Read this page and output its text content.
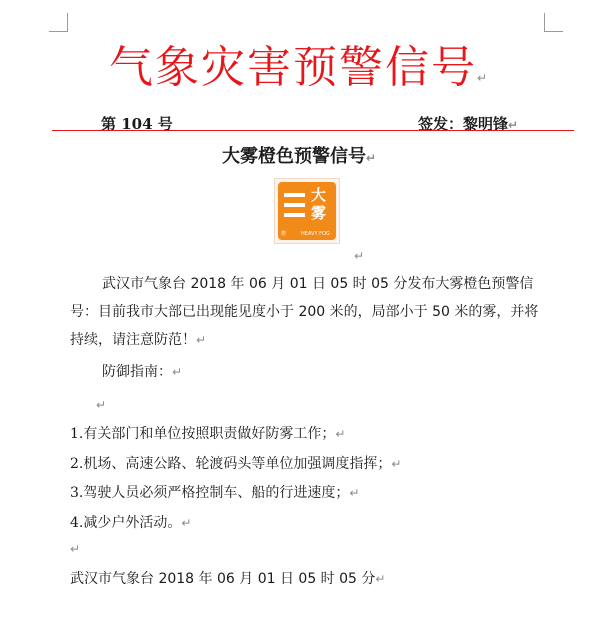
气象灾害预警信号↵
第 104 号	签发：黎明锋↵
大雾橙色预警信号↵
大
雾
橙	HEAVY FOG
↵
武汉市气象台 2018 年 06 月 01 日 05 时 05 分发布大雾橙色预警信号：目前我市大部已出现能见度小于 200 米的，局部小于 50 米的雾，并将持续，请注意防范！↵
防御指南：↵
↵
1.有关部门和单位按照职责做好防雾工作；↵
2.机场、高速公路、轮渡码头等单位加强调度指挥；↵
3.驾驶人员必须严格控制车、船的行进速度；↵
4.减少户外活动。↵
↵
武汉市气象台 2018 年 06 月 01 日 05 时 05 分↵
